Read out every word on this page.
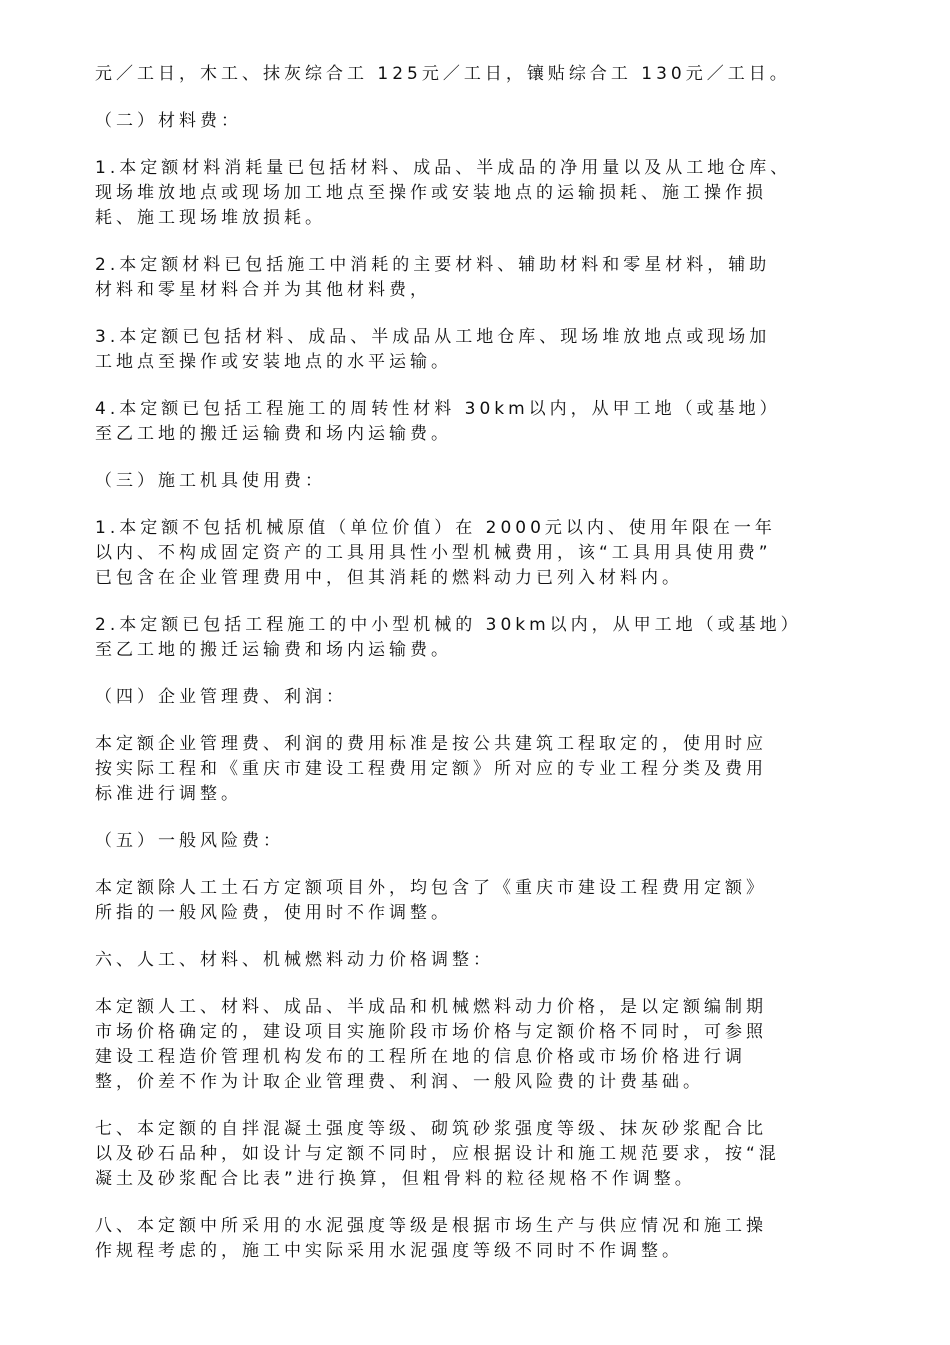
元／工日，木工、抹灰综合工 125元／工日，镶贴综合工 130元／工日。
（二）材料费：
1.本定额材料消耗量已包括材料、成品、半成品的净用量以及从工地仓库、
现场堆放地点或现场加工地点至操作或安装地点的运输损耗、施工操作损
耗、施工现场堆放损耗。
2.本定额材料已包括施工中消耗的主要材料、辅助材料和零星材料，辅助
材料和零星材料合并为其他材料费，
3.本定额已包括材料、成品、半成品从工地仓库、现场堆放地点或现场加
工地点至操作或安装地点的水平运输。
4.本定额已包括工程施工的周转性材料 30km以内，从甲工地（或基地）
至乙工地的搬迁运输费和场内运输费。
（三）施工机具使用费：
1.本定额不包括机械原值（单位价值）在 2000元以内、使用年限在一年
以内、不构成固定资产的工具用具性小型机械费用，该“工具用具使用费”
已包含在企业管理费用中，但其消耗的燃料动力已列入材料内。
2.本定额已包括工程施工的中小型机械的 30km以内，从甲工地（或基地）
至乙工地的搬迁运输费和场内运输费。
（四）企业管理费、利润：
本定额企业管理费、利润的费用标准是按公共建筑工程取定的，使用时应
按实际工程和《重庆市建设工程费用定额》所对应的专业工程分类及费用
标准进行调整。
（五）一般风险费：
本定额除人工土石方定额项目外，均包含了《重庆市建设工程费用定额》
所指的一般风险费，使用时不作调整。
六、人工、材料、机械燃料动力价格调整：
本定额人工、材料、成品、半成品和机械燃料动力价格，是以定额编制期
市场价格确定的，建设项目实施阶段市场价格与定额价格不同时，可参照
建设工程造价管理机构发布的工程所在地的信息价格或市场价格进行调
整，价差不作为计取企业管理费、利润、一般风险费的计费基础。
七、本定额的自拌混凝土强度等级、砌筑砂浆强度等级、抹灰砂浆配合比
以及砂石品种，如设计与定额不同时，应根据设计和施工规范要求，按“混
凝土及砂浆配合比表”进行换算，但粗骨料的粒径规格不作调整。
八、本定额中所采用的水泥强度等级是根据市场生产与供应情况和施工操
作规程考虑的，施工中实际采用水泥强度等级不同时不作调整。
